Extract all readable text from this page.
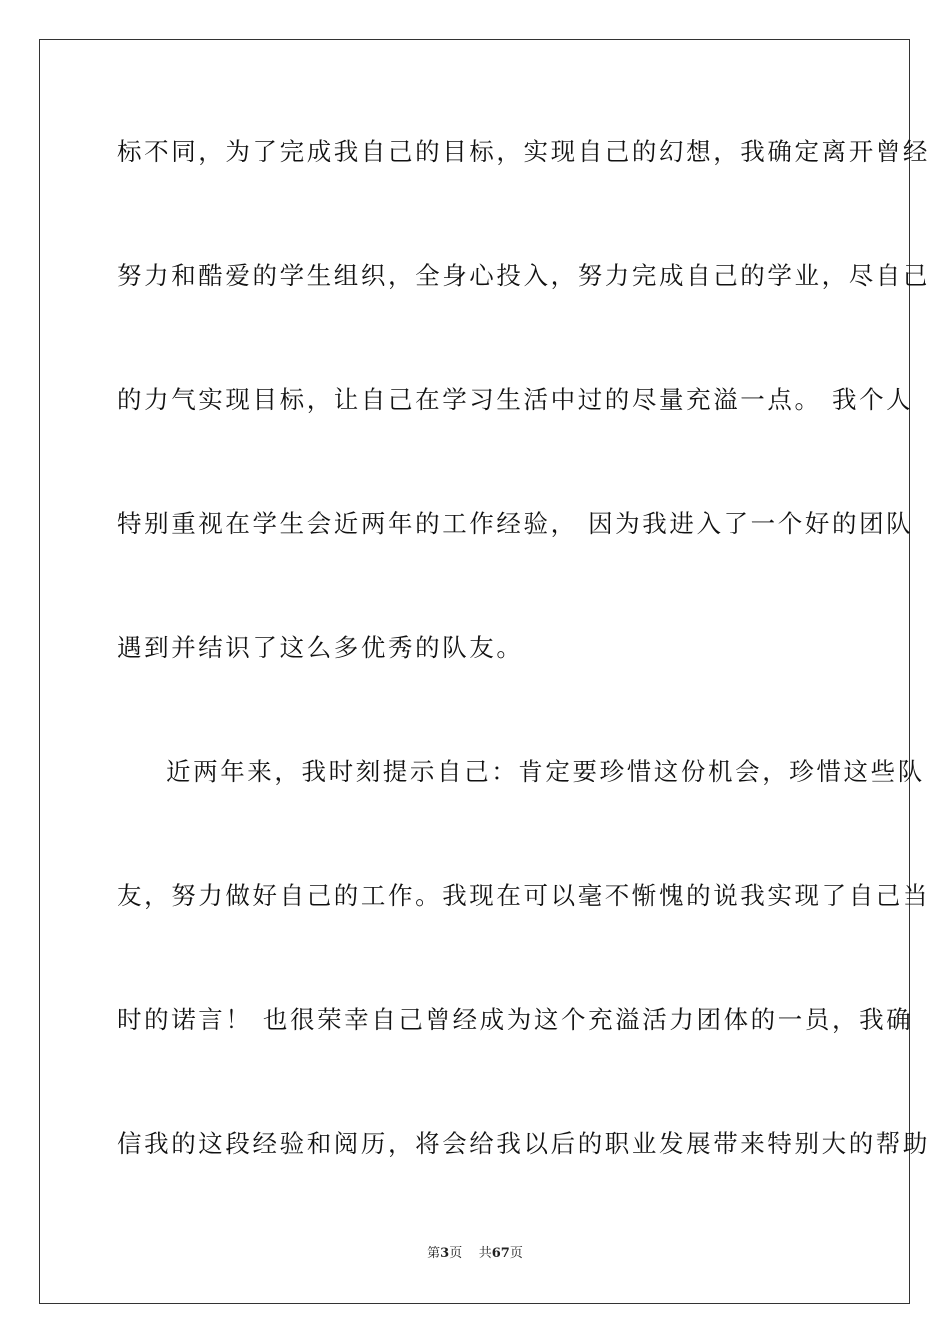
标不同，为了完成我自己的目标，实现自己的幻想，我确定离开曾经
努力和酷爱的学生组织，全身心投入，努力完成自己的学业，尽自己
的力气实现目标，让自己在学习生活中过的尽量充溢一点。 我个人
特别重视在学生会近两年的工作经验， 因为我进入了一个好的团队
遇到并结识了这么多优秀的队友。
近两年来，我时刻提示自己：肯定要珍惜这份机会，珍惜这些队
友，努力做好自己的工作。我现在可以毫不惭愧的说我实现了自己当
时的诺言！ 也很荣幸自己曾经成为这个充溢活力团体的一员，我确
信我的这段经验和阅历，将会给我以后的职业发展带来特别大的帮助
第3页 共67页
